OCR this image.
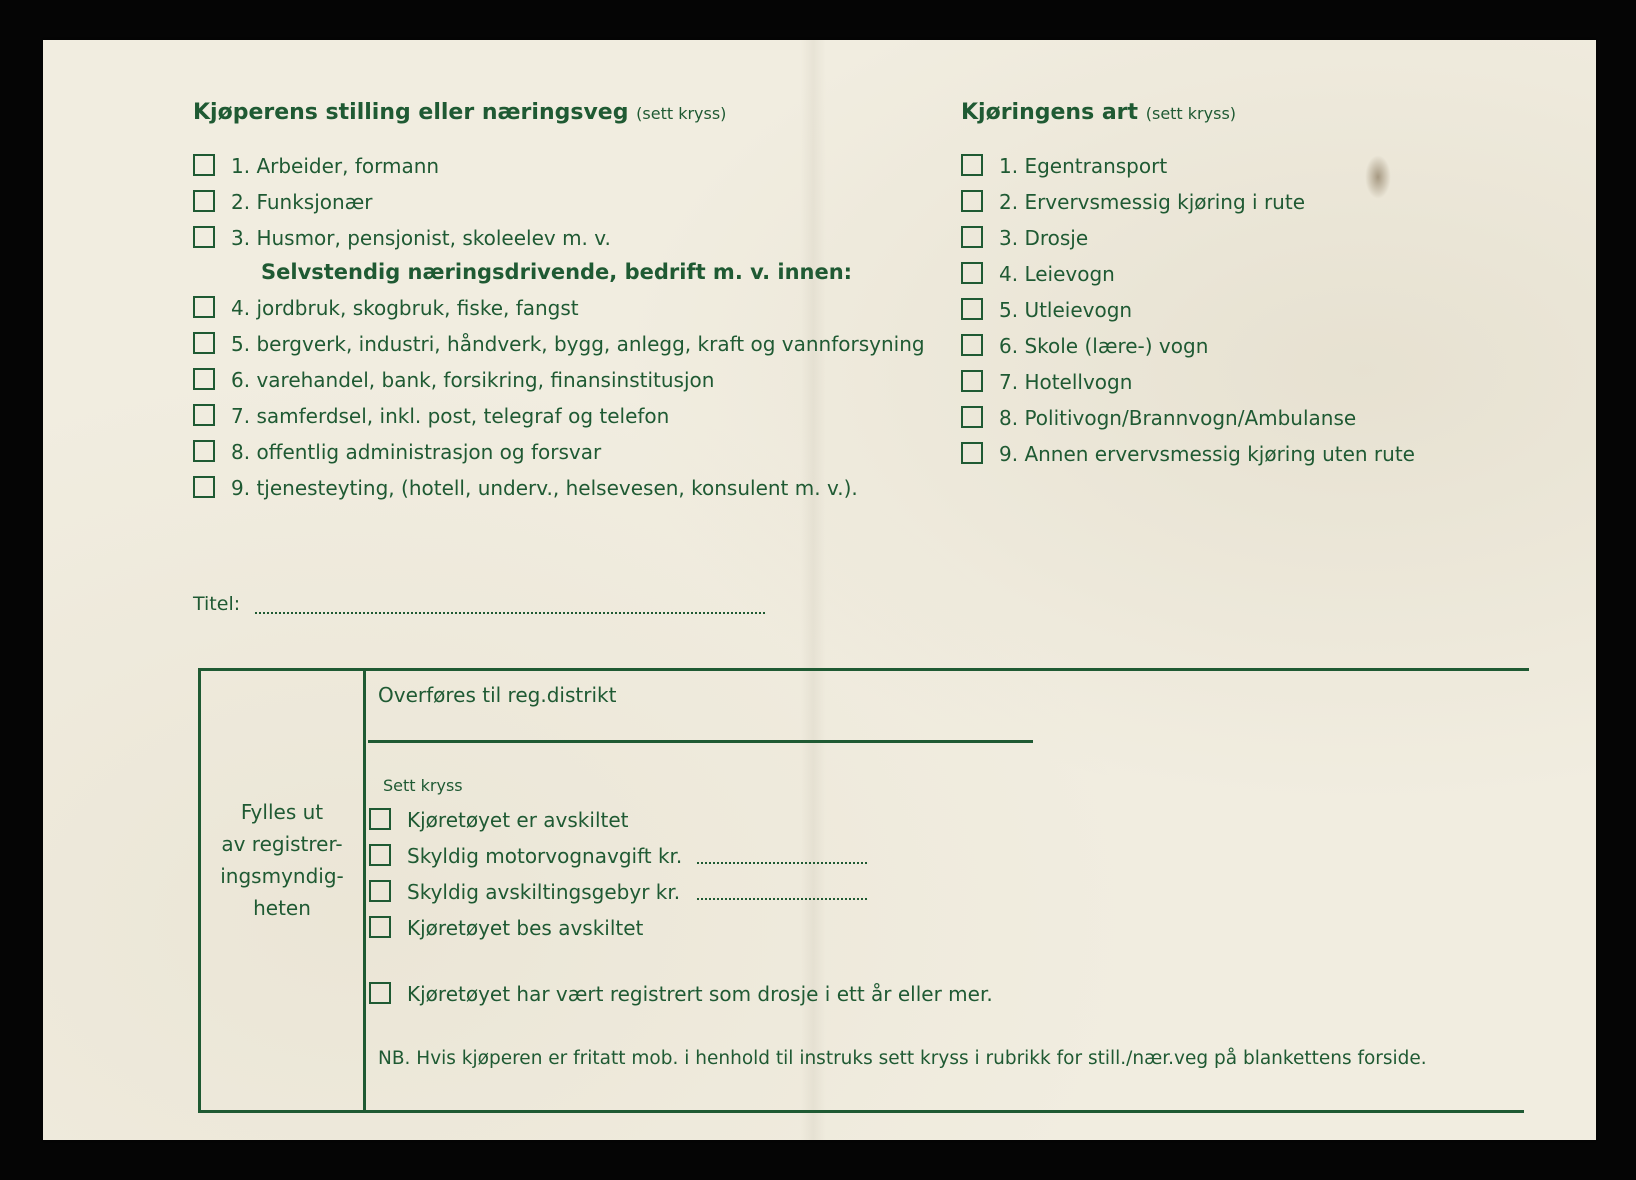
Kjøperens stilling eller næringsveg (sett kryss)
1. Arbeider, formann
2. Funksjonær
3. Husmor, pensjonist, skoleelev m. v.
Selvstendig næringsdrivende, bedrift m. v. innen:
4. jordbruk, skogbruk, fiske, fangst
5. bergverk, industri, håndverk, bygg, anlegg, kraft og vannforsyning
6. varehandel, bank, forsikring, finansinstitusjon
7. samferdsel, inkl. post, telegraf og telefon
8. offentlig administrasjon og forsvar
9. tjenesteyting, (hotell, underv., helsevesen, konsulent m. v.).
Kjøringens art (sett kryss)
1. Egentransport
2. Ervervsmessig kjøring i rute
3. Drosje
4. Leievogn
5. Utleievogn
6. Skole (lære-) vogn
7. Hotellvogn
8. Politivogn/Brannvogn/Ambulanse
9. Annen ervervsmessig kjøring uten rute
Titel:
Fylles ut
av registrer-
ingsmyndig-
heten
Overføres til reg.distrikt
Sett kryss
Kjøretøyet er avskiltet
Skyldig motorvognavgift kr.
Skyldig avskiltingsgebyr kr.
Kjøretøyet bes avskiltet
Kjøretøyet har vært registrert som drosje i ett år eller mer.
NB. Hvis kjøperen er fritatt mob. i henhold til instruks sett kryss i rubrikk for still./nær.veg på blankettens forside.
